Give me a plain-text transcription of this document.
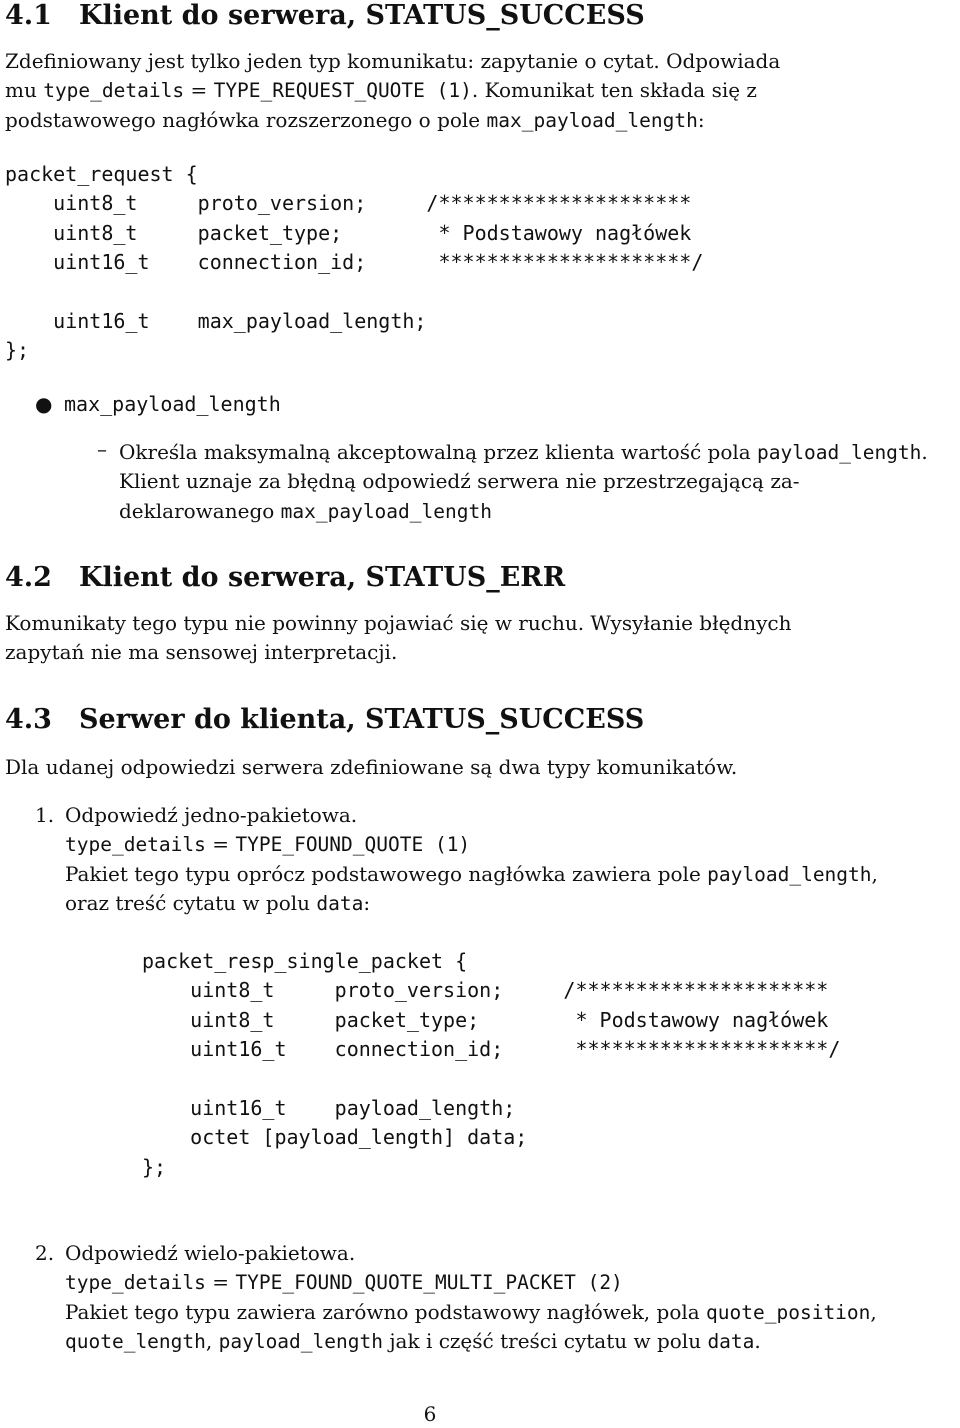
4.1 Klient do serwera, STATUS_SUCCESS

Zdefiniowany jest tylko jeden typ komunikatu: zapytanie o cytat. Odpowiada
mu type_details = TYPE_REQUEST_QUOTE (1). Komunikat ten składa się z
podstawowego nagłówka rozszerzonego o pole max_payload_length:

packet_request {
uint8_t     proto_version;     /*********************
uint8_t     packet_type;        * Podstawowy nagłówek
uint16_t    connection_id;      *********************/
uint16_t    max_payload_length;
};
● max_payload_length
– Określa maksymalną akceptowalną przez klienta wartość pola payload_length.
Klient uznaje za błędną odpowiedź serwera nie przestrzegającą za-
deklarowanego max_payload_length

4.2 Klient do serwera, STATUS_ERR

Komunikaty tego typu nie powinny pojawiać się w ruchu. Wysyłanie błędnych
zapytań nie ma sensowej interpretacji.

4.3 Serwer do klienta, STATUS_SUCCESS

Dla udanej odpowiedzi serwera zdefiniowane są dwa typy komunikatów.

1. Odpowiedź jedno-pakietowa.
type_details = TYPE_FOUND_QUOTE (1)
Pakiet tego typu oprócz podstawowego nagłówka zawiera pole payload_length,
oraz treść cytatu w polu data:
packet_resp_single_packet {
uint8_t     proto_version;     /*********************
uint8_t     packet_type;        * Podstawowy nagłówek
uint16_t    connection_id;      *********************/
uint16_t    payload_length;
octet [payload_length] data;
};
2. Odpowiedź wielo-pakietowa.
type_details = TYPE_FOUND_QUOTE_MULTI_PACKET (2)
Pakiet tego typu zawiera zarówno podstawowy nagłówek, pola quote_position,
quote_length, payload_length jak i część treści cytatu w polu data.
6
